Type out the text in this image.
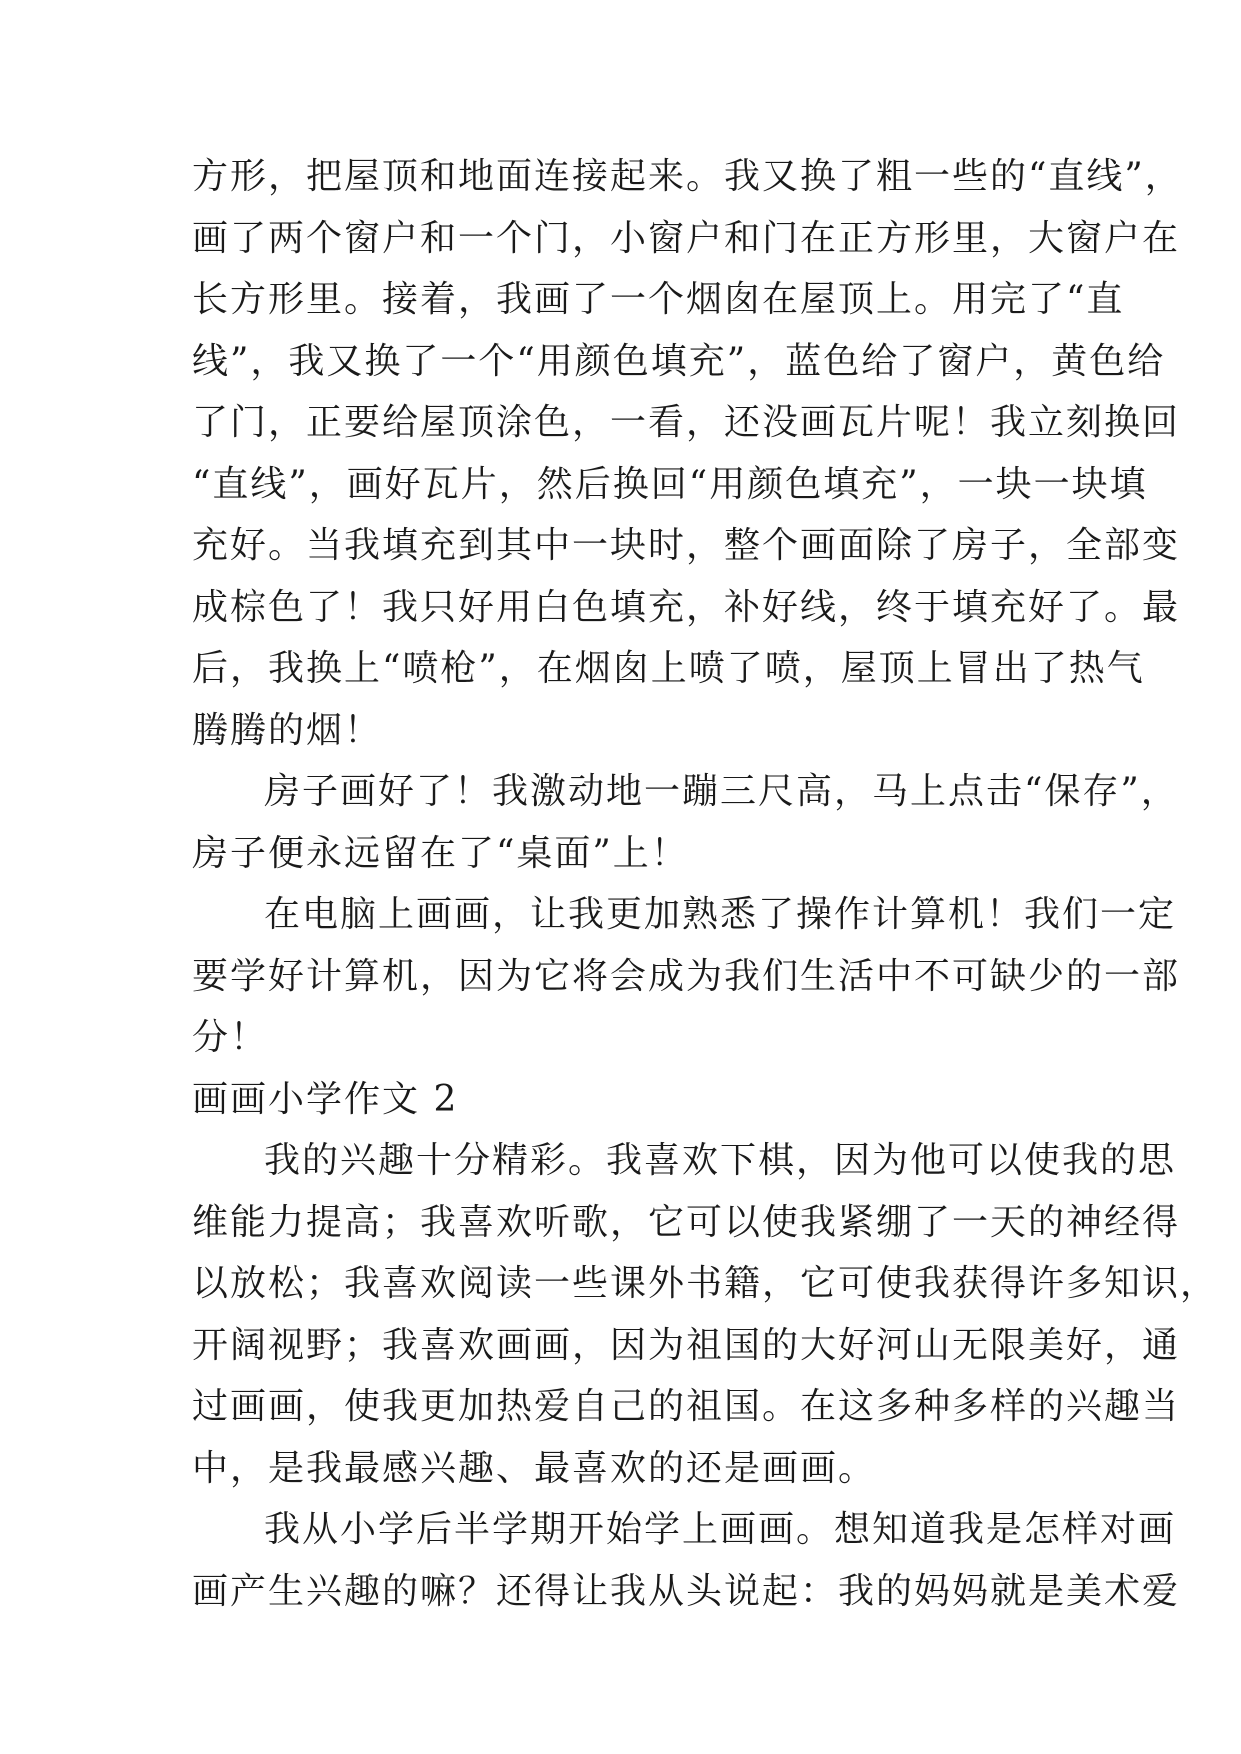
方形，把屋顶和地面连接起来。我又换了粗一些的“直线”，
画了两个窗户和一个门，小窗户和门在正方形里，大窗户在
长方形里。接着，我画了一个烟囱在屋顶上。用完了“直
线”，我又换了一个“用颜色填充”，蓝色给了窗户，黄色给
了门，正要给屋顶涂色，一看，还没画瓦片呢！我立刻换回
“直线”，画好瓦片，然后换回“用颜色填充”，一块一块填
充好。当我填充到其中一块时，整个画面除了房子，全部变
成棕色了！我只好用白色填充，补好线，终于填充好了。最
后，我换上“喷枪”，在烟囱上喷了喷，屋顶上冒出了热气
腾腾的烟！
房子画好了！我激动地一蹦三尺高，马上点击“保存”，
房子便永远留在了“桌面”上！
在电脑上画画，让我更加熟悉了操作计算机！我们一定
要学好计算机，因为它将会成为我们生活中不可缺少的一部
分！
画画小学作文 2
我的兴趣十分精彩。我喜欢下棋，因为他可以使我的思
维能力提高；我喜欢听歌，它可以使我紧绷了一天的神经得
以放松；我喜欢阅读一些课外书籍，它可使我获得许多知识，
开阔视野；我喜欢画画，因为祖国的大好河山无限美好，通
过画画，使我更加热爱自己的祖国。在这多种多样的兴趣当
中，是我最感兴趣、最喜欢的还是画画。
我从小学后半学期开始学上画画。想知道我是怎样对画
画产生兴趣的嘛？还得让我从头说起：我的妈妈就是美术爱
